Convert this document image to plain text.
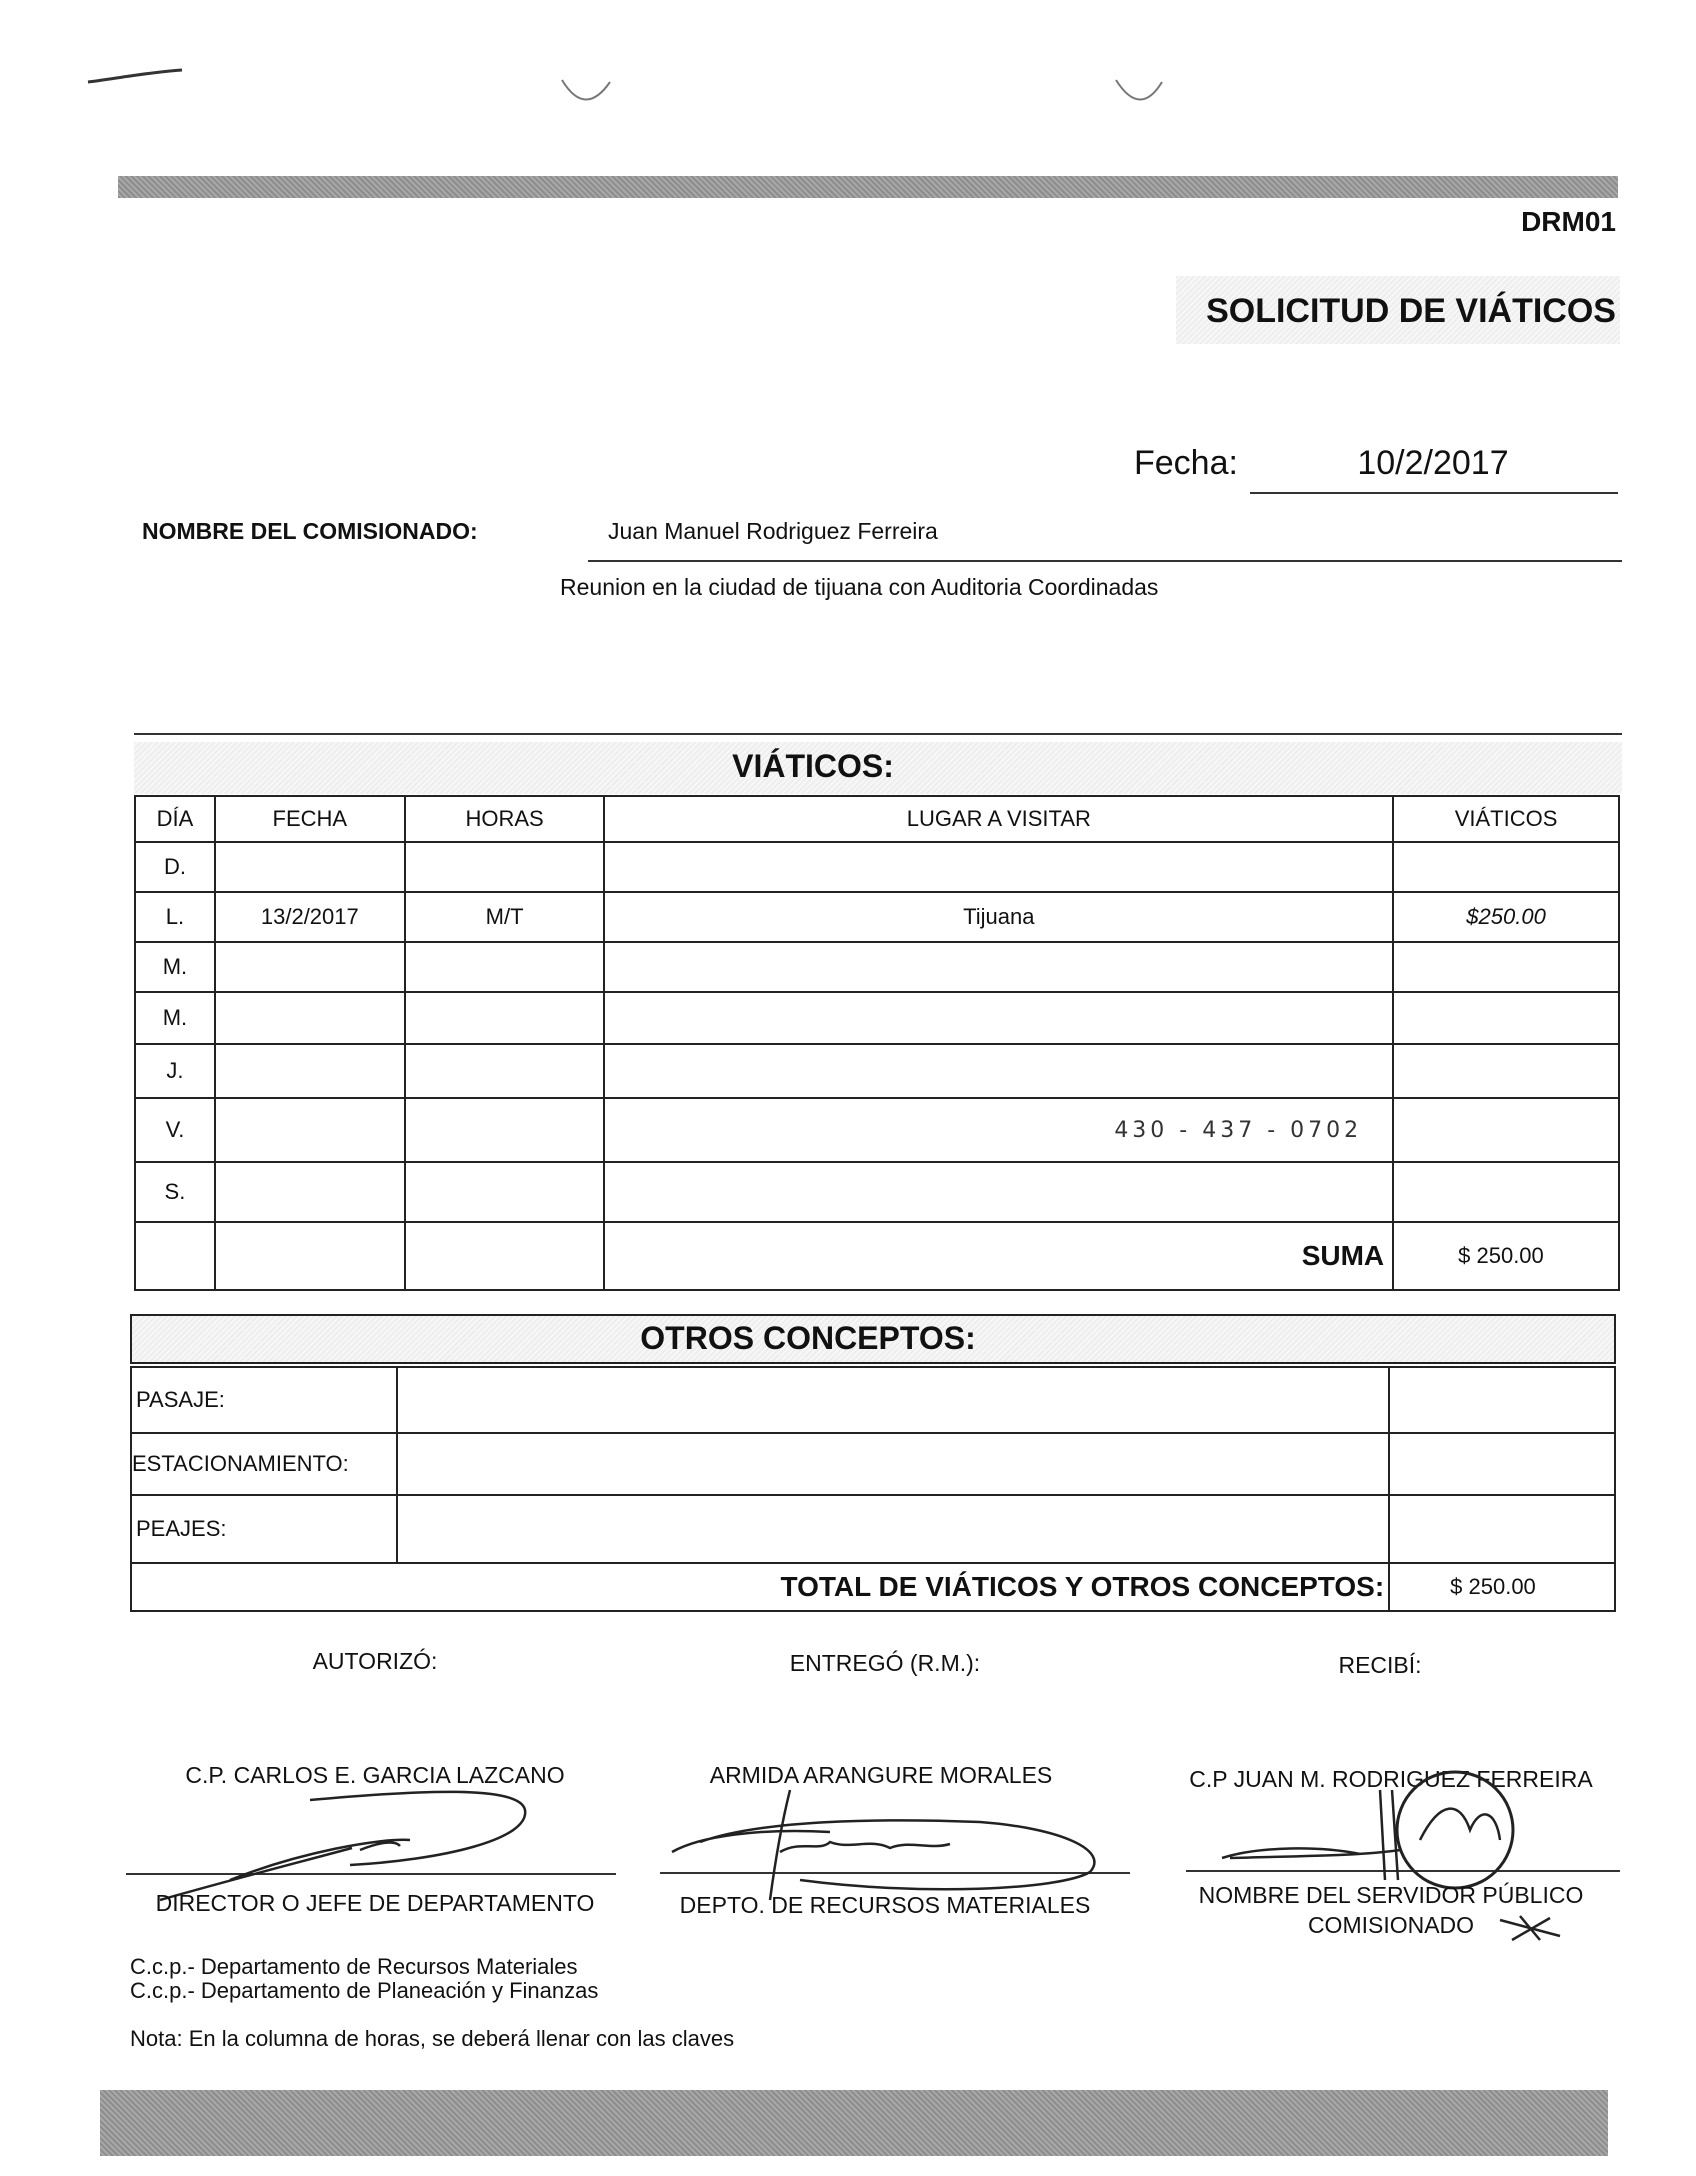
DRM01
SOLICITUD DE VIÁTICOS
Fecha:	10/2/2017
NOMBRE DEL COMISIONADO:	Juan Manuel Rodriguez Ferreira
Reunion en la ciudad de tijuana con Auditoria Coordinadas
VIÁTICOS:
DÍA	FECHA	HORAS	LUGAR A VISITAR	VIÁTICOS
D.				
L.	13/2/2017	M/T	Tijuana	$250.00
M.				
M.				
J.				
V.			430 - 437 - 0702	
S.				
			SUMA	$ 250.00
OTROS CONCEPTOS:
PASAJE:		
ESTACIONAMIENTO:		
PEAJES:		
TOTAL DE VIÁTICOS Y OTROS CONCEPTOS:		$ 250.00
AUTORIZÓ:	ENTREGÓ (R.M.):	RECIBÍ:
C.P. CARLOS E. GARCIA LAZCANO	ARMIDA ARANGURE MORALES	C.P JUAN M. RODRIGUEZ FERREIRA
DIRECTOR O JEFE DE DEPARTAMENTO	DEPTO. DE RECURSOS MATERIALES	NOMBRE DEL SERVIDOR PÚBLICO
COMISIONADO
C.c.p.- Departamento de Recursos Materiales
C.c.p.- Departamento de Planeación y Finanzas
Nota: En la columna de horas, se deberá llenar con las claves
